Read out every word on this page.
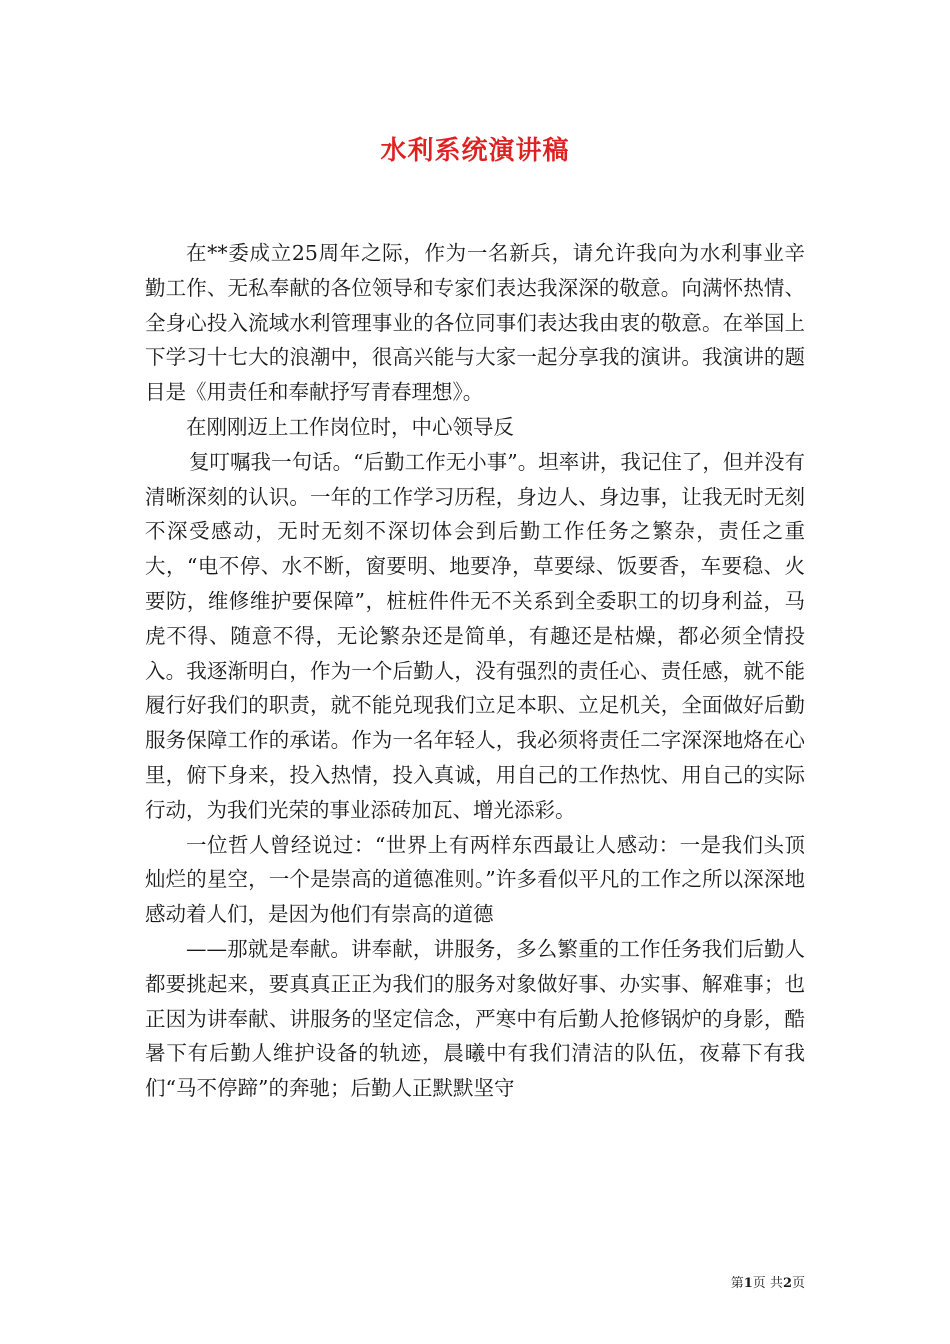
水利系统演讲稿

在**委成立25周年之际，作为一名新兵，请允许我向为水利事业辛勤工作、无私奉献的各位领导和专家们表达我深深的敬意。向满怀热情、全身心投入流域水利管理事业的各位同事们表达我由衷的敬意。在举国上下学习十七大的浪潮中，很高兴能与大家一起分享我的演讲。我演讲的题目是《用责任和奉献抒写青春理想》。

在刚刚迈上工作岗位时，中心领导反

复叮嘱我一句话。“后勤工作无小事”。坦率讲，我记住了，但并没有清晰深刻的认识。一年的工作学习历程，身边人、身边事，让我无时无刻不深受感动，无时无刻不深切体会到后勤工作任务之繁杂，责任之重大，“电不停、水不断，窗要明、地要净，草要绿、饭要香，车要稳、火要防，维修维护要保障”，桩桩件件无不关系到全委职工的切身利益，马虎不得、随意不得，无论繁杂还是简单，有趣还是枯燥，都必须全情投入。我逐渐明白，作为一个后勤人，没有强烈的责任心、责任感，就不能履行好我们的职责，就不能兑现我们立足本职、立足机关，全面做好后勤服务保障工作的承诺。作为一名年轻人，我必须将责任二字深深地烙在心里，俯下身来，投入热情，投入真诚，用自己的工作热忱、用自己的实际行动，为我们光荣的事业添砖加瓦、增光添彩。

一位哲人曾经说过：“世界上有两样东西最让人感动：一是我们头顶灿烂的星空，一个是崇高的道德准则。”许多看似平凡的工作之所以深深地感动着人们，是因为他们有崇高的道德

——那就是奉献。讲奉献，讲服务，多么繁重的工作任务我们后勤人都要挑起来，要真真正正为我们的服务对象做好事、办实事、解难事；也正因为讲奉献、讲服务的坚定信念，严寒中有后勤人抢修锅炉的身影，酷暑下有后勤人维护设备的轨迹，晨曦中有我们清洁的队伍，夜幕下有我们“马不停蹄”的奔驰；后勤人正默默坚守

第1页 共2页
